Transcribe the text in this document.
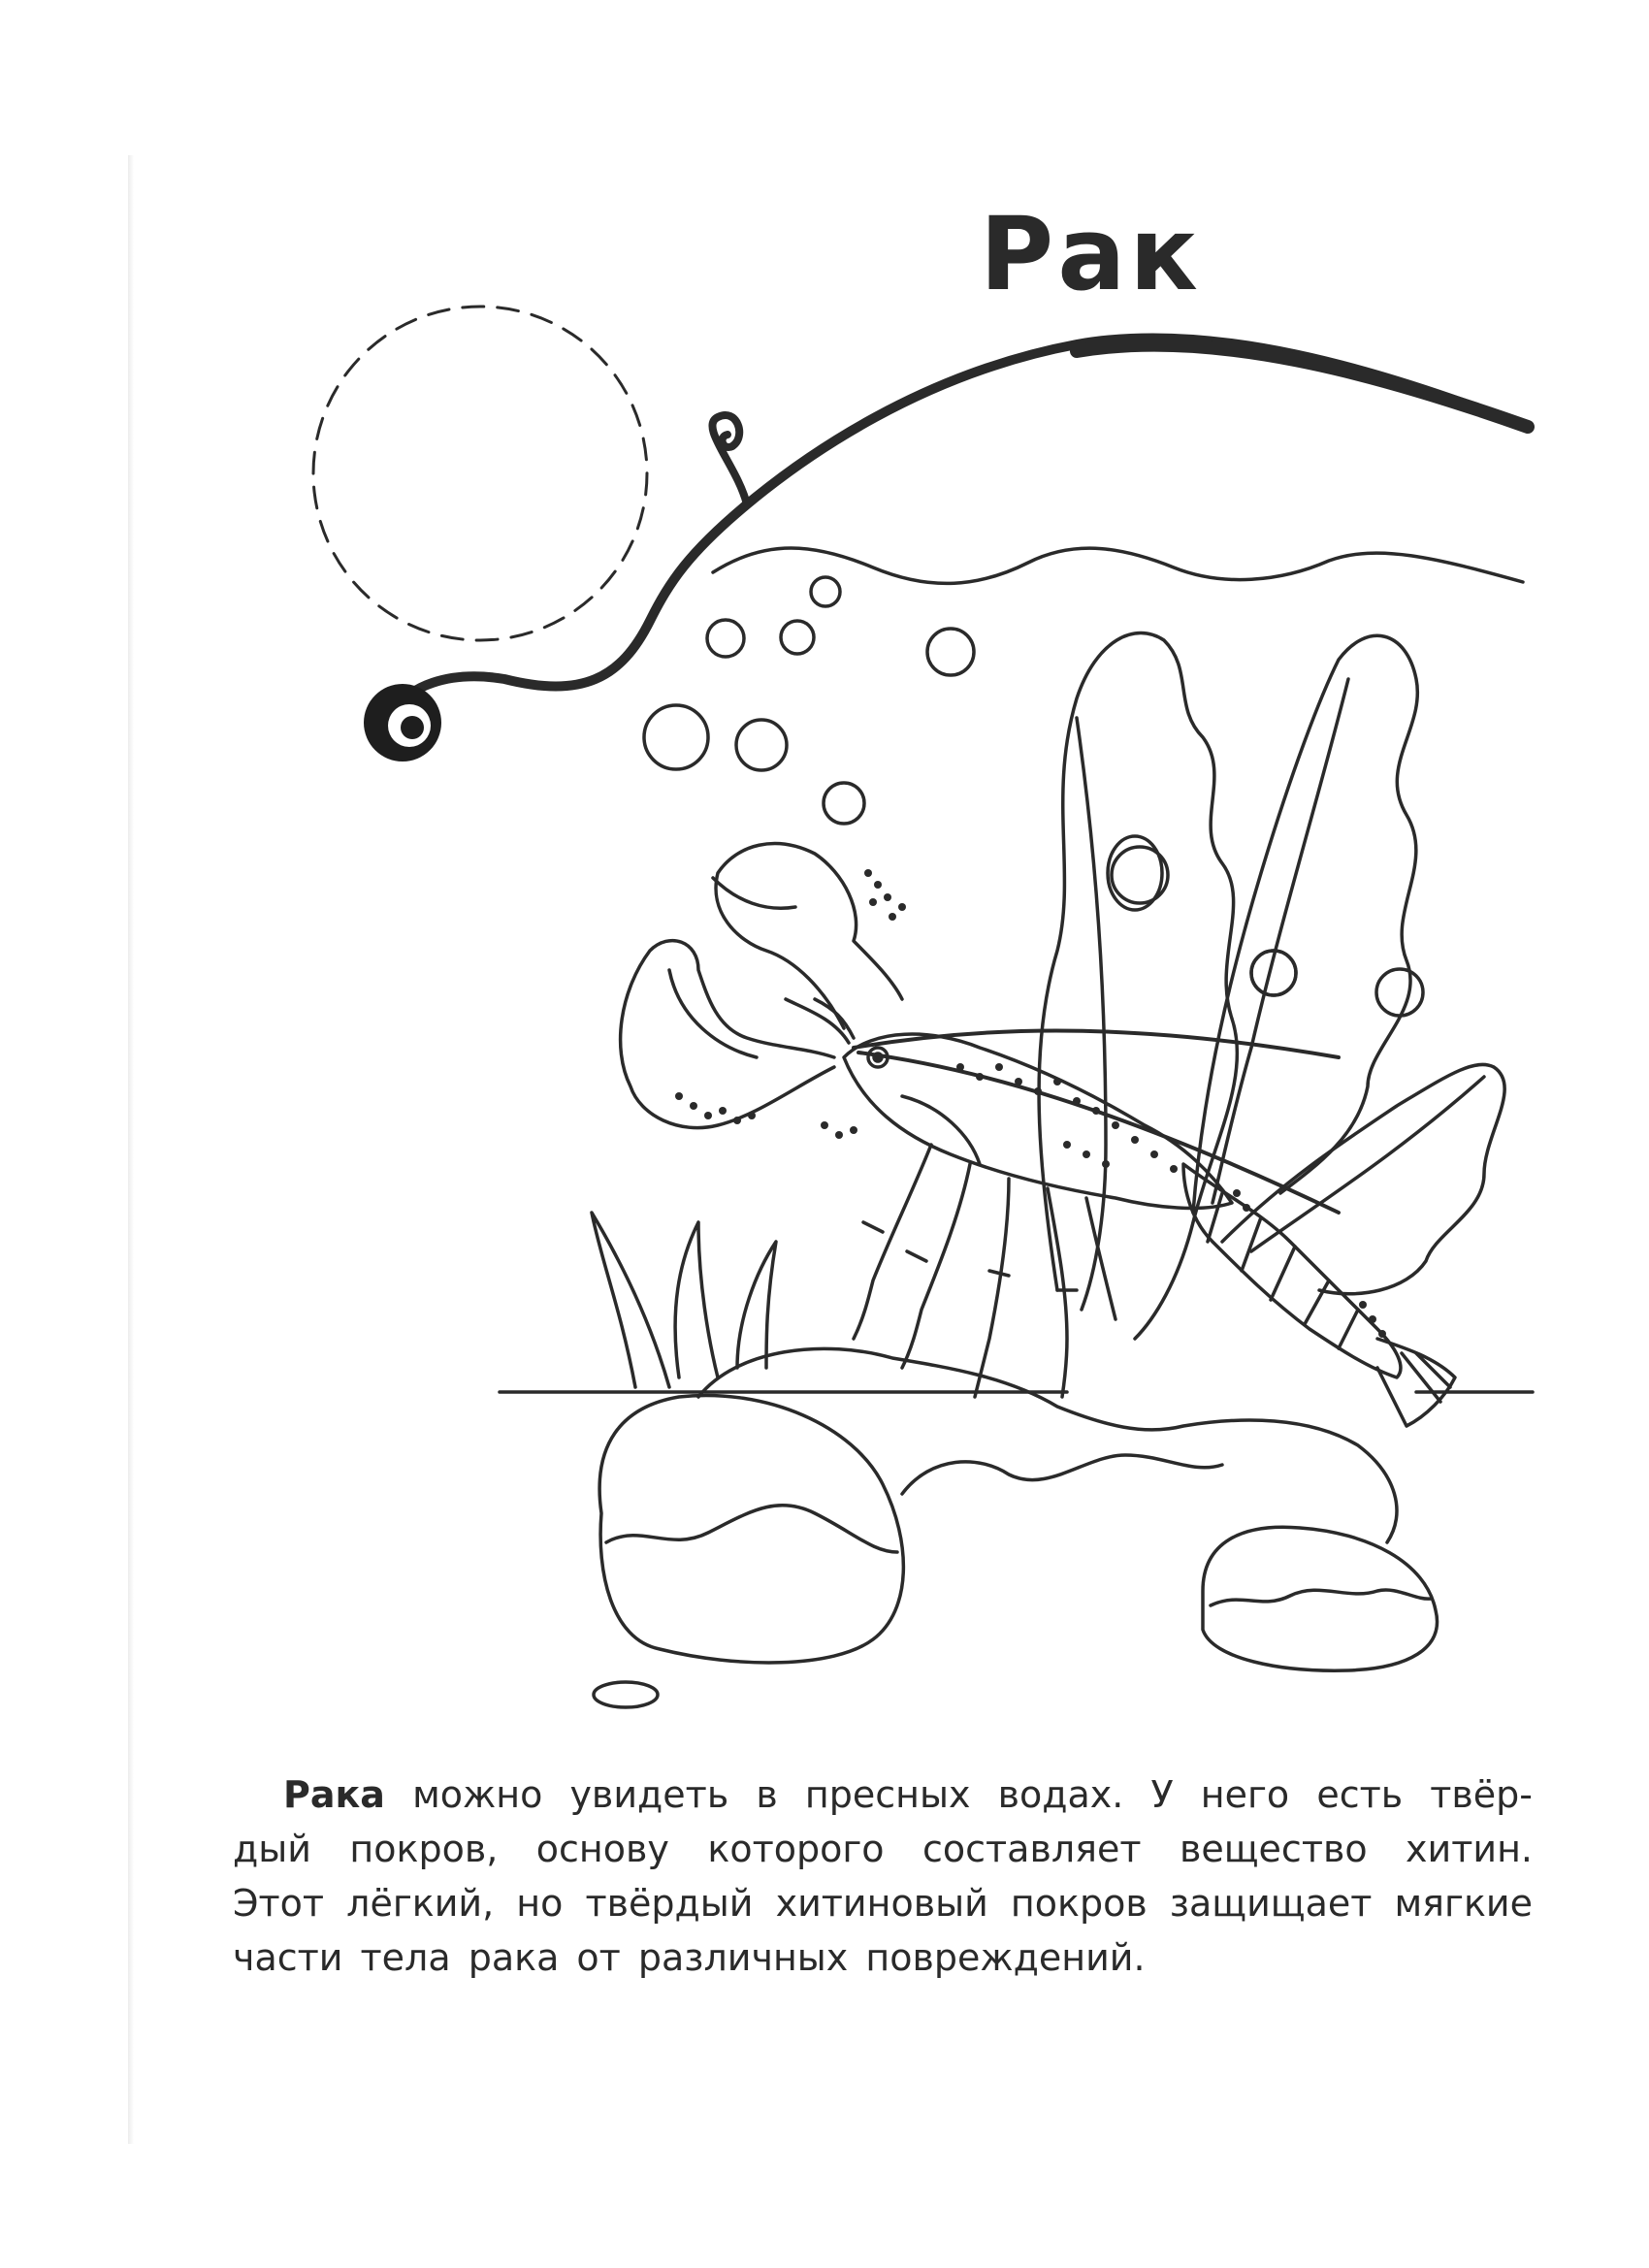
Рак
Рака можно увидеть в пресных водах. У него есть твёр-
дый покров, основу которого составляет вещество хитин.
Этот лёгкий, но твёрдый хитиновый покров защищает мягкие
части тела рака от различных повреждений.
